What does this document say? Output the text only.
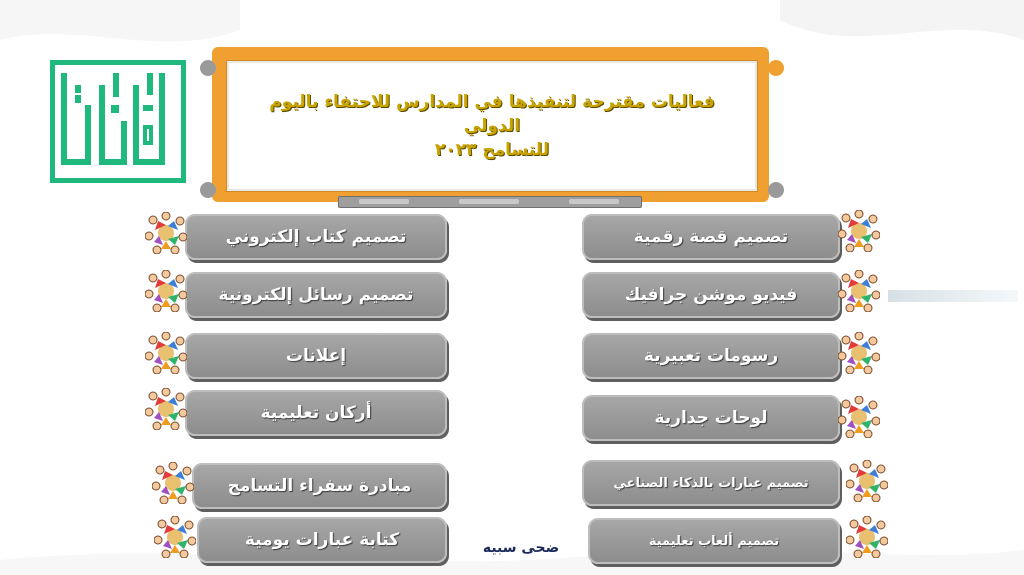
فعاليات مقترحة لتنفيذها في المدارس للاحتفاء باليوم الدولي
للتسامح ٢٠٢٣
تصميم كتاب إلكتروني
تصميم رسائل إلكترونية
إعلانات
أركان تعليمية
مبادرة سفراء التسامح
كتابة عبارات يومية
تصميم قصة رقمية
فيديو موشن جرافيك
رسومات تعبيرية
لوحات جدارية
تصميم عبارات بالذكاء الصناعي
تصميم ألعاب تعليمية
ضحى سبيه
